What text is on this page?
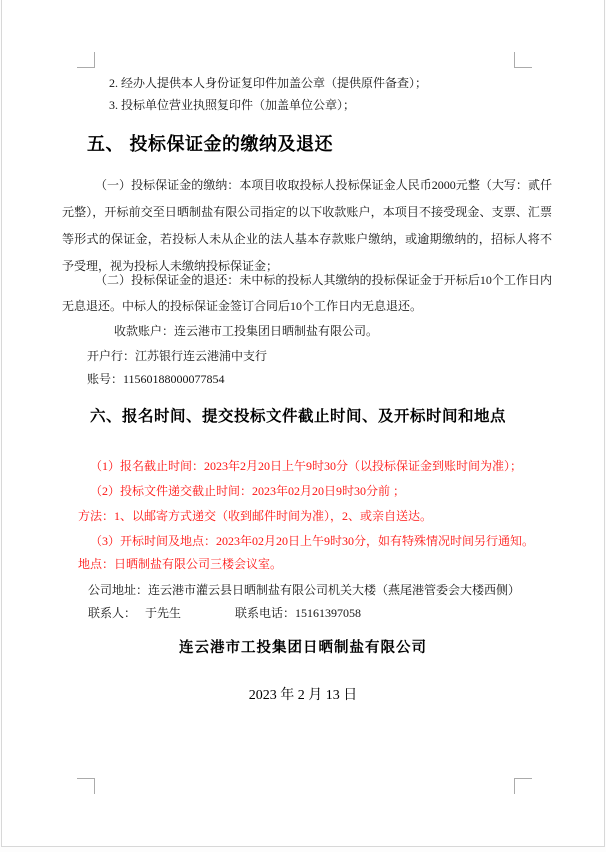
2. 经办人提供本人身份证复印件加盖公章（提供原件备查）；
3. 投标单位营业执照复印件（加盖单位公章）；
五、 投标保证金的缴纳及退还
（一）投标保证金的缴纳：本项目收取投标人投标保证金人民币2000元整（大写：贰仟元整），开标前交至日晒制盐有限公司指定的以下收款账户，本项目不接受现金、支票、汇票等形式的保证金，若投标人未从企业的法人基本存款账户缴纳，或逾期缴纳的，招标人将不予受理，视为投标人未缴纳投标保证金；
（二）投标保证金的退还：未中标的投标人其缴纳的投标保证金于开标后10个工作日内无息退还。中标人的投标保证金签订合同后10个工作日内无息退还。
收款账户：连云港市工投集团日晒制盐有限公司。
开户行：江苏银行连云港浦中支行
账号：11560188000077854
六、报名时间、提交投标文件截止时间、及开标时间和地点
（1）报名截止时间：2023年2月20日上午9时30分（以投标保证金到账时间为准）；
（2）投标文件递交截止时间：2023年02月20日9时30分前 ；
方法：1、以邮寄方式递交（收到邮件时间为准），2、或亲自送达。
（3）开标时间及地点：2023年02月20日上午9时30分，如有特殊情况时间另行通知。
地点：日晒制盐有限公司三楼会议室。
公司地址：连云港市灌云县日晒制盐有限公司机关大楼（燕尾港管委会大楼西侧）
联系人： 于先生	联系电话：15161397058
连云港市工投集团日晒制盐有限公司
2023 年 2 月 13 日
